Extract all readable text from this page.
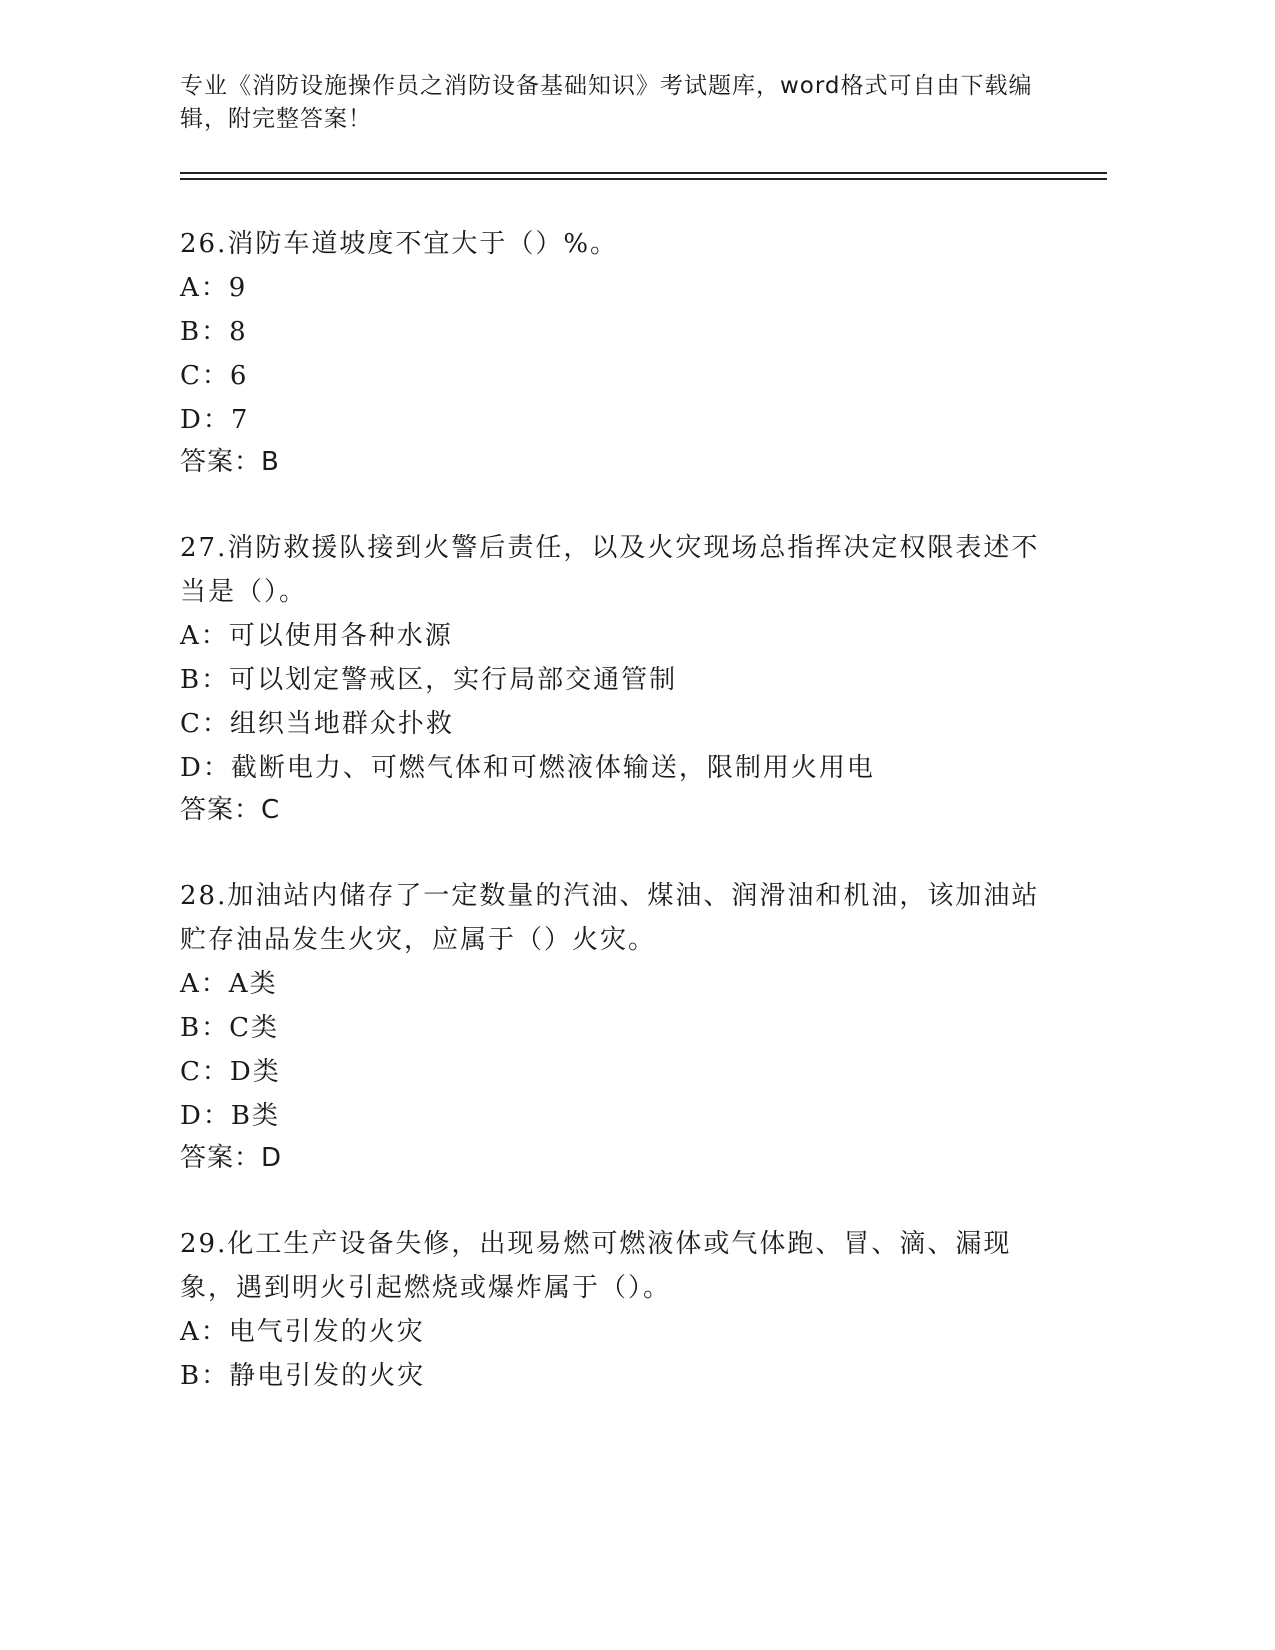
专业《消防设施操作员之消防设备基础知识》考试题库，word格式可自由下载编辑，附完整答案！

26.消防车道坡度不宜大于（）%。

A：9

B：8

C：6

D：7

答案：B

27.消防救援队接到火警后责任，以及火灾现场总指挥决定权限表述不当是（）。

A：可以使用各种水源

B：可以划定警戒区，实行局部交通管制

C：组织当地群众扑救

D：截断电力、可燃气体和可燃液体输送，限制用火用电

答案：C

28.加油站内储存了一定数量的汽油、煤油、润滑油和机油，该加油站贮存油品发生火灾，应属于（）火灾。

A：A类

B：C类

C：D类

D：B类

答案：D

29.化工生产设备失修，出现易燃可燃液体或气体跑、冒、滴、漏现象，遇到明火引起燃烧或爆炸属于（）。

A：电气引发的火灾

B：静电引发的火灾
